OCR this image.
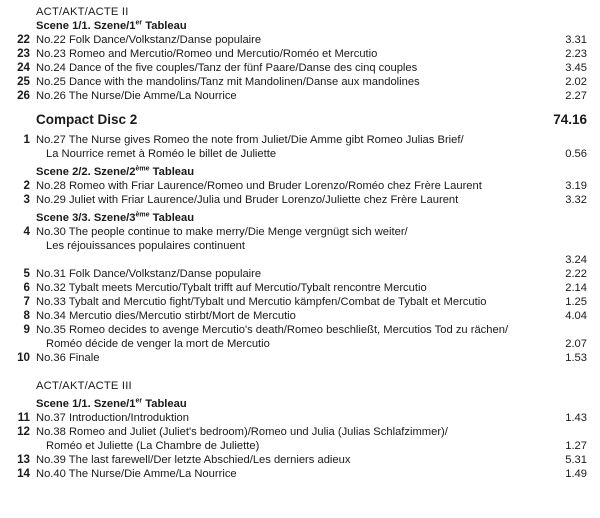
ACT/AKT/ACTE II
Scene 1/1. Szene/1er Tableau
22 No.22 Folk Dance/Volkstanz/Danse populaire	3.31
23 No.23 Romeo and Mercutio/Romeo und Mercutio/Roméo et Mercutio	2.23
24 No.24 Dance of the five couples/Tanz der fünf Paare/Danse des cinq couples	3.45
25 No.25 Dance with the mandolins/Tanz mit Mandolinen/Danse aux mandolines	2.02
26 No.26 The Nurse/Die Amme/La Nourrice	2.27
Compact Disc 2	74.16
1 No.27 The Nurse gives Romeo the note from Juliet/Die Amme gibt Romeo Julias Brief/
La Nourrice remet à Roméo le billet de Juliette	0.56
Scene 2/2. Szene/2ème Tableau
2 No.28 Romeo with Friar Laurence/Romeo und Bruder Lorenzo/Roméo chez Frère Laurent	3.19
3 No.29 Juliet with Friar Laurence/Julia und Bruder Lorenzo/Juliette chez Frère Laurent	3.32
Scene 3/3. Szene/3ème Tableau
4 No.30 The people continue to make merry/Die Menge vergnügt sich weiter/
Les réjouissances populaires continuent
3.24
5 No.31 Folk Dance/Volkstanz/Danse populaire	2.22
6 No.32 Tybalt meets Mercutio/Tybalt trifft auf Mercutio/Tybalt rencontre Mercutio	2.14
7 No.33 Tybalt and Mercutio fight/Tybalt und Mercutio kämpfen/Combat de Tybalt et Mercutio	1.25
8 No.34 Mercutio dies/Mercutio stirbt/Mort de Mercutio	4.04
9 No.35 Romeo decides to avenge Mercutio's death/Romeo beschließt, Mercutios Tod zu rächen/
Roméo décide de venger la mort de Mercutio	2.07
10 No.36 Finale	1.53
ACT/AKT/ACTE III
Scene 1/1. Szene/1er Tableau
11 No.37 Introduction/Introduktion	1.43
12 No.38 Romeo and Juliet (Juliet's bedroom)/Romeo und Julia (Julias Schlafzimmer)/
Roméo et Juliette (La Chambre de Juliette)	1.27
13 No.39 The last farewell/Der letzte Abschied/Les derniers adieux	5.31
14 No.40 The Nurse/Die Amme/La Nourrice	1.49
